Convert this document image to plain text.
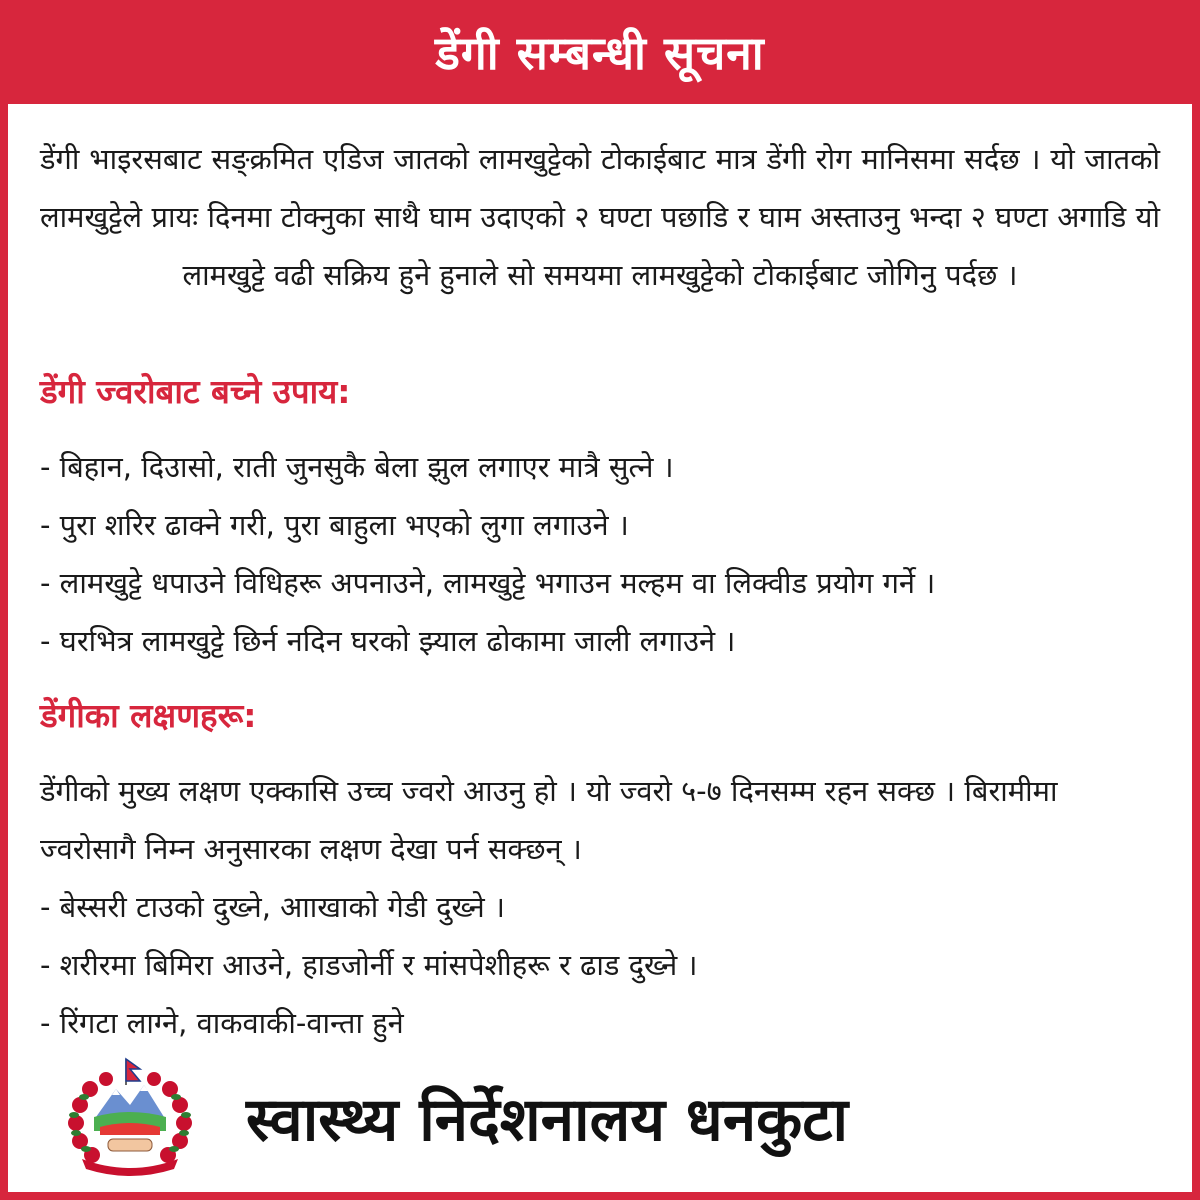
डेंगी सम्बन्धी सूचना
डेंगी भाइरसबाट सङ्क्रमित एडिज जातको लामखुट्टेको टोकाईबाट मात्र डेंगी रोग मानिसमा सर्दछ । यो जातको लामखुट्टेले प्रायः दिनमा टोक्नुका साथै घाम उदाएको २ घण्टा पछाडि र घाम अस्ताउनु भन्दा २ घण्टा अगाडि यो लामखुट्टे वढी सक्रिय हुने हुनाले सो समयमा लामखुट्टेको टोकाईबाट जोगिनु पर्दछ ।
डेंगी ज्वरोबाट बच्ने उपाय:
- बिहान, दिउासो, राती जुनसुकै बेला झुल लगाएर मात्रै सुत्ने ।
- पुरा शरिर ढाक्ने गरी, पुरा बाहुला भएको लुगा लगाउने ।
- लामखुट्टे धपाउने विधिहरू अपनाउने, लामखुट्टे भगाउन मल्हम वा लिक्वीड प्रयोग गर्ने ।
- घरभित्र लामखुट्टे छिर्न नदिन घरको झ्याल ढोकामा जाली लगाउने ।
डेंगीका लक्षणहरू:
डेंगीको मुख्य लक्षण एक्कासि उच्च ज्वरो आउनु हो । यो ज्वरो ५-७ दिनसम्म रहन सक्छ । बिरामीमा ज्वरोसागै निम्न अनुसारका लक्षण देखा पर्न सक्छन् ।
- बेस्सरी टाउको दुख्ने, आाखाको गेडी दुख्ने ।
- शरीरमा बिमिरा आउने, हाडजोर्नी र मांसपेशीहरू र ढाड दुख्ने ।
- रिंगटा लाग्ने, वाकवाकी-वान्ता हुने
स्वास्थ्य निर्देशनालय धनकुटा
